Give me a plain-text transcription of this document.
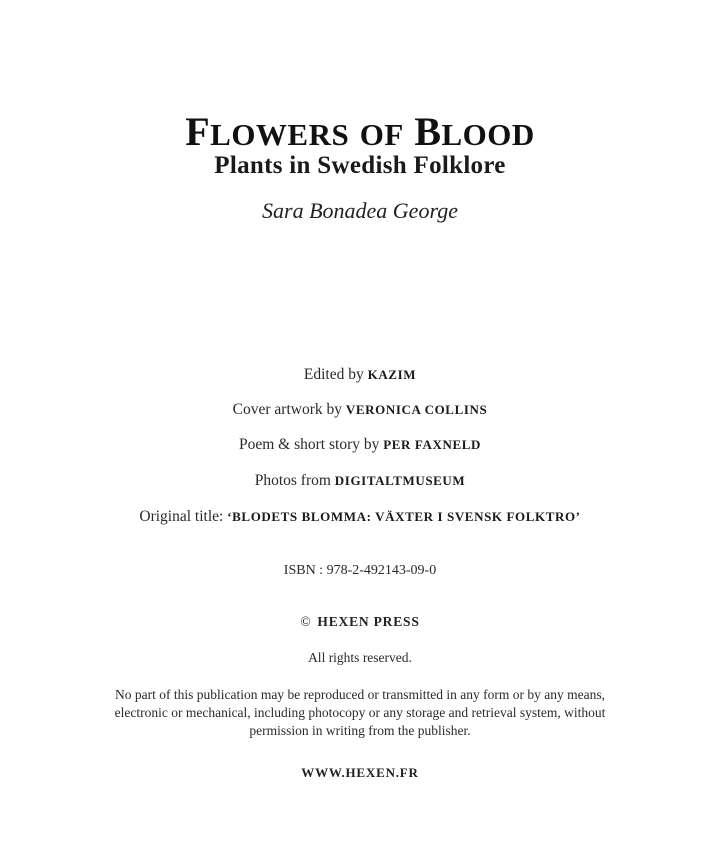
FLOWERS OF BLOOD
Plants in Swedish Folklore
Sara Bonadea George
Edited by KAZIM
Cover artwork by VERONICA COLLINS
Poem & short story by PER FAXNELD
Photos from DIGITALTMUSEUM
Original title: ‘BLODETS BLOMMA: VÄXTER I SVENSK FOLKTRO’
ISBN : 978-2-492143-09-0
© HEXEN PRESS
All rights reserved.
No part of this publication may be reproduced or transmitted in any form or by any means, electronic or mechanical, including photocopy or any storage and retrieval system, without permission in writing from the publisher.
WWW.HEXEN.FR
